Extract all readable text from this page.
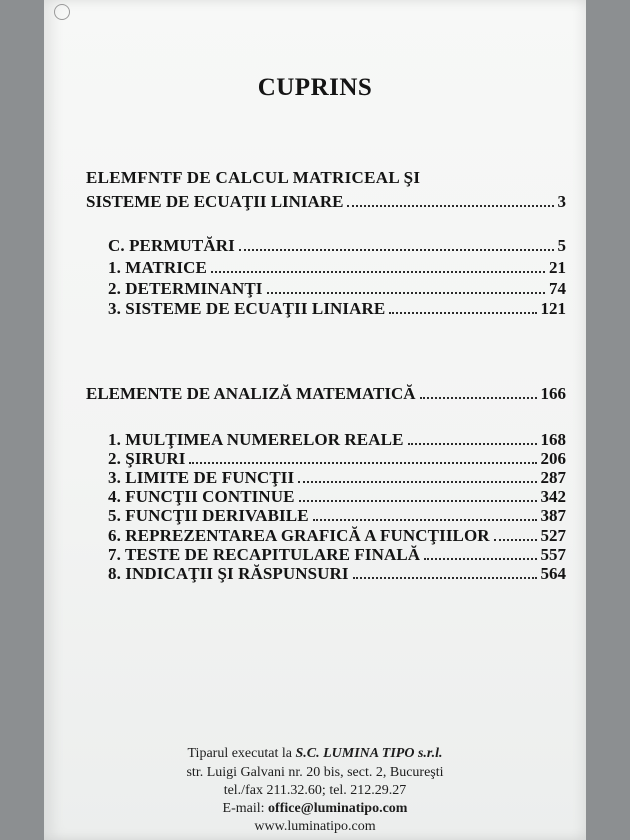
CUPRINS
ELEMFNTF DE CALCUL MATRICEAL ŞI
SISTEME DE ECUAŢII LINIARE	3
C. PERMUTĂRI	5
1. MATRICE	21
2. DETERMINANŢI	74
3. SISTEME DE ECUAŢII LINIARE	121
ELEMENTE DE ANALIZĂ MATEMATICĂ	166
1. MULŢIMEA NUMERELOR REALE	168
2. ŞIRURI	206
3. LIMITE DE FUNCŢII	287
4. FUNCŢII CONTINUE	342
5. FUNCŢII DERIVABILE	387
6. REPREZENTAREA GRAFICĂ A FUNCŢIILOR	527
7. TESTE DE RECAPITULARE FINALĂ	557
8. INDICAŢII ŞI RĂSPUNSURI	564
Tiparul executat la S.C. LUMINA TIPO s.r.l.
str. Luigi Galvani nr. 20 bis, sect. 2, Bucureşti
tel./fax 211.32.60; tel. 212.29.27
E-mail: office@luminatipo.com
www.luminatipo.com
